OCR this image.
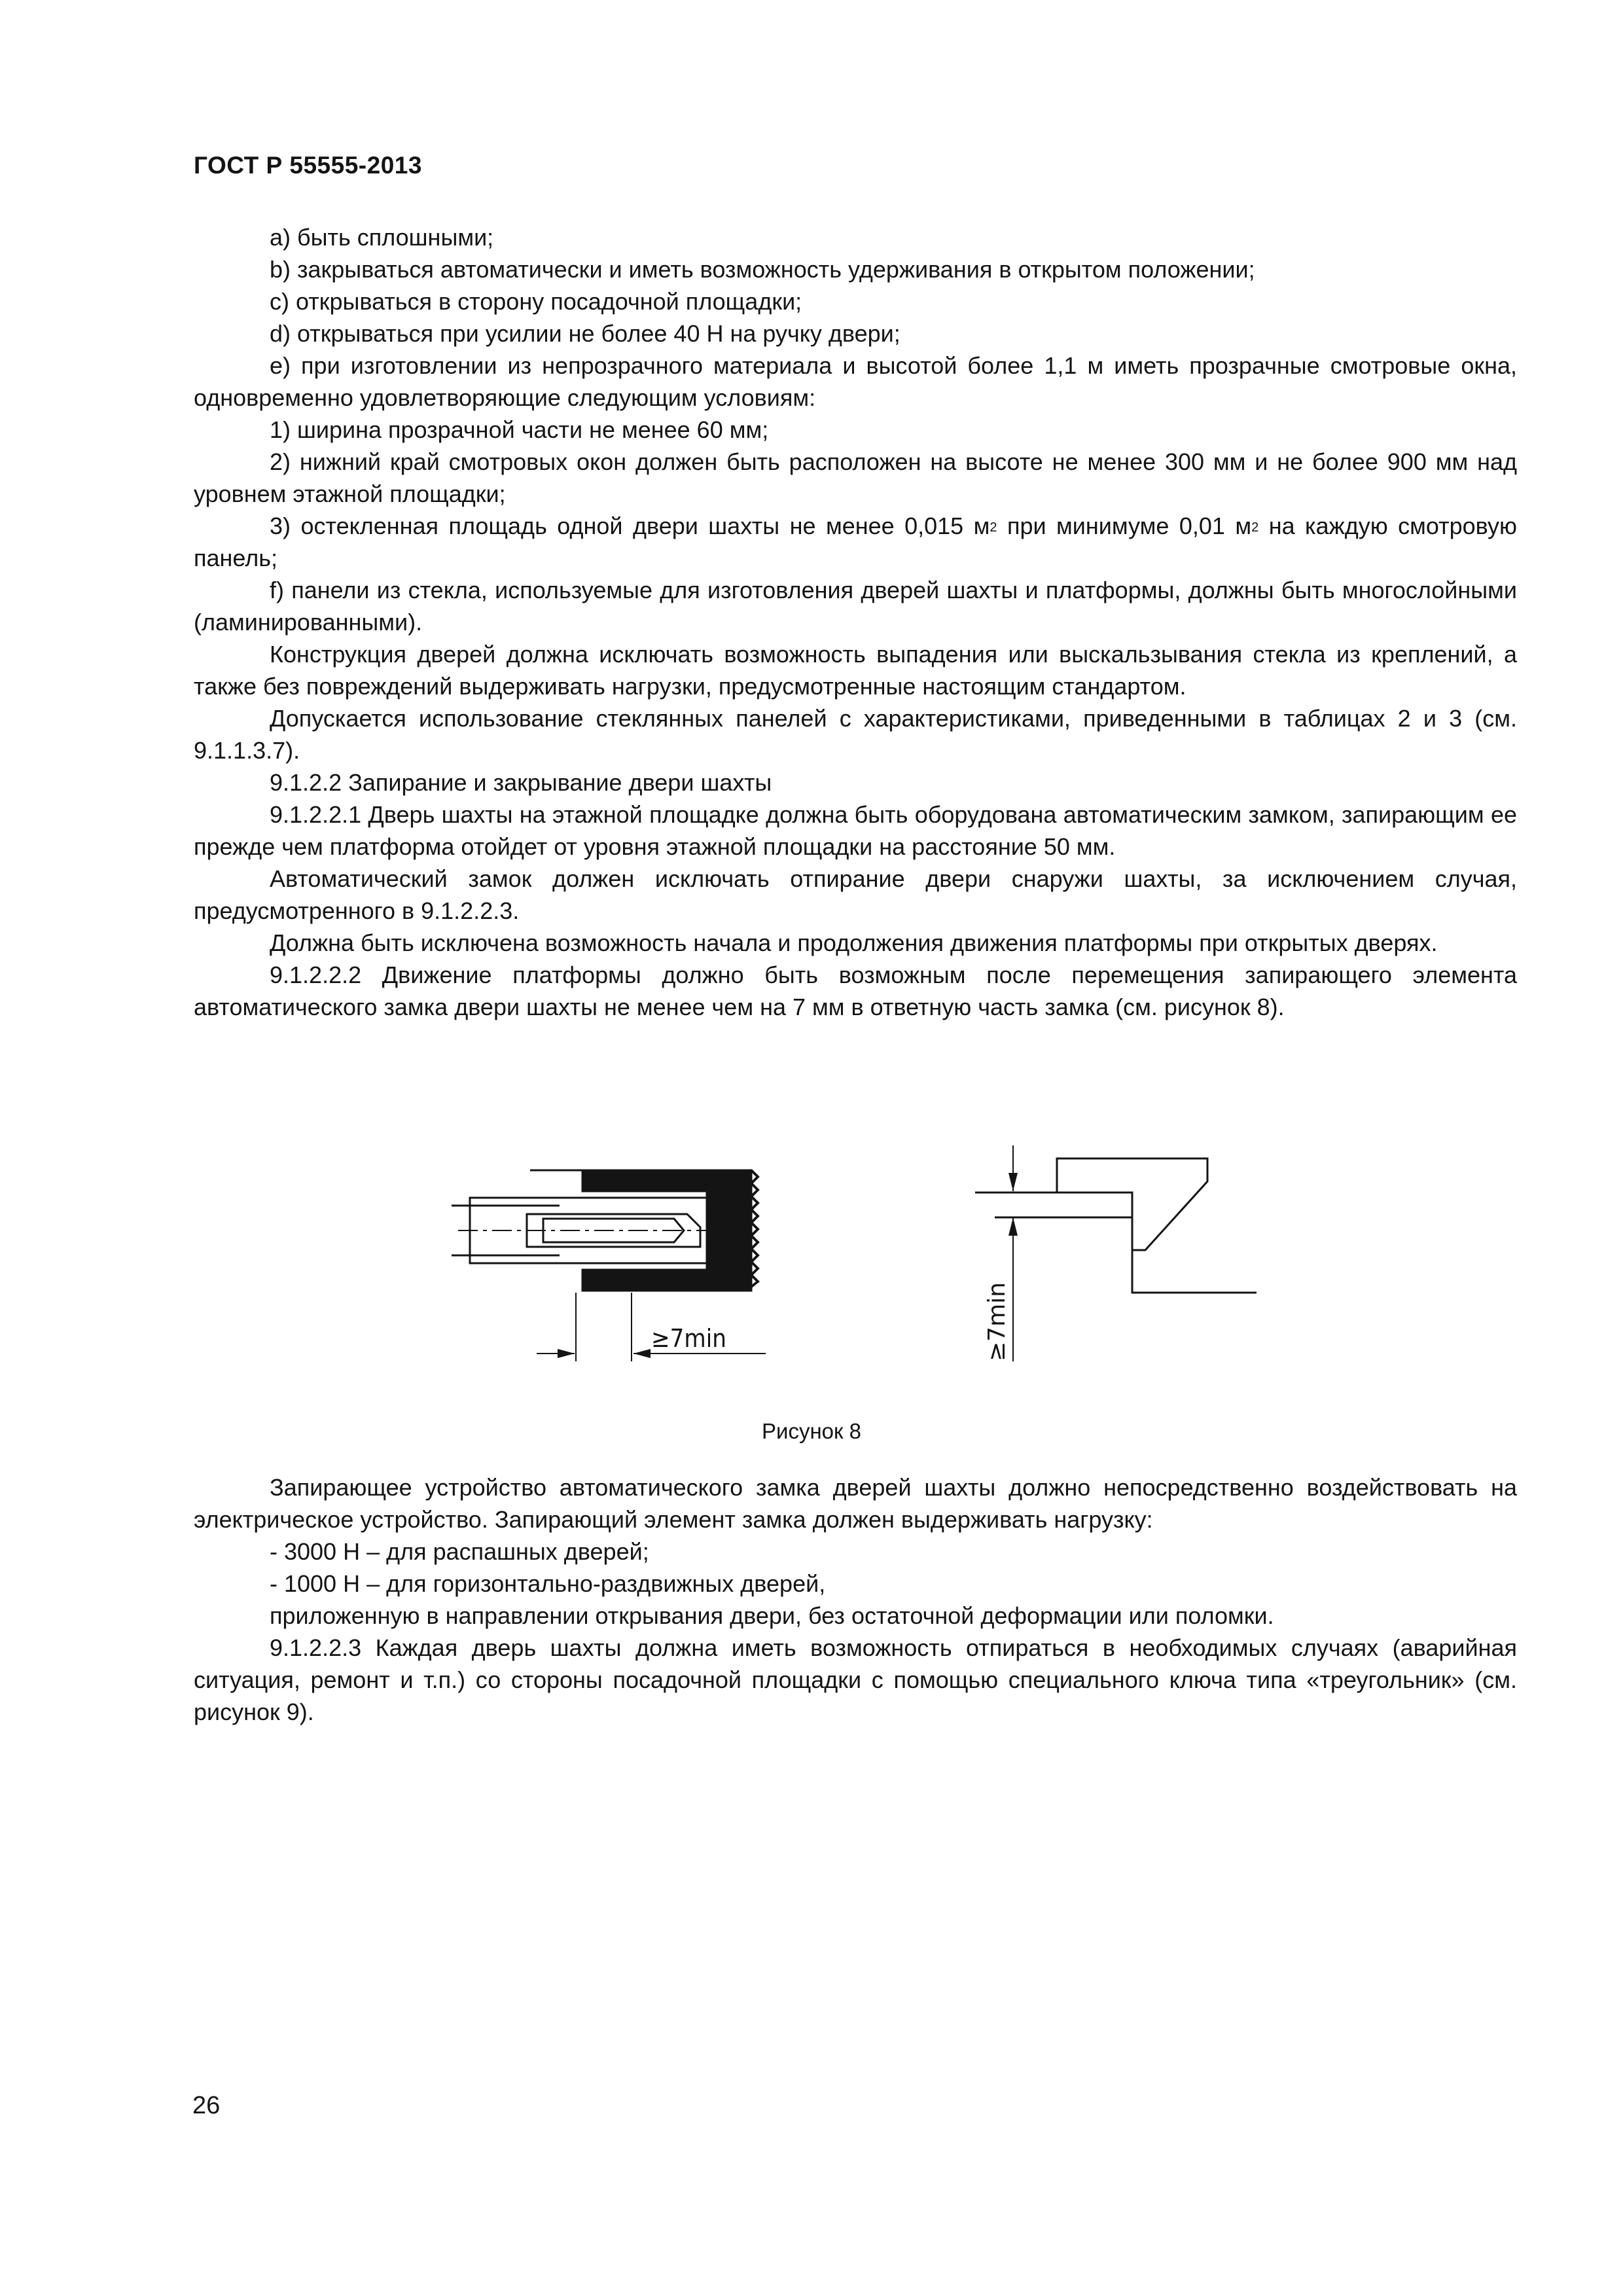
ГОСТ Р 55555-2013

a) быть сплошными;

b) закрываться автоматически и иметь возможность удерживания в открытом положении;

c) открываться в сторону посадочной площадки;

d) открываться при усилии не более 40 Н на ручку двери;

e) при изготовлении из непрозрачного материала и высотой более 1,1 м иметь прозрачные смотровые окна, одновременно удовлетворяющие следующим условиям:

1) ширина прозрачной части не менее 60 мм;

2) нижний край смотровых окон должен быть расположен на высоте не менее 300 мм и не более 900 мм над уровнем этажной площадки;

3) остекленная площадь одной двери шахты не менее 0,015 $м^2$ при минимуме 0,01 $м^2$ на каждую смотровую панель;

f) панели из стекла, используемые для изготовления дверей шахты и платформы, должны быть многослойными (ламинированными).

Конструкция дверей должна исключать возможность выпадения или выскальзывания стекла из креплений, а также без повреждений выдерживать нагрузки, предусмотренные настоящим стандартом.

Допускается использование стеклянных панелей с характеристиками, приведенными в таблицах 2 и 3 (см. 9.1.1.3.7).

9.1.2.2 Запирание и закрывание двери шахты

9.1.2.2.1 Дверь шахты на этажной площадке должна быть оборудована автоматическим замком, запирающим ее прежде чем платформа отойдет от уровня этажной площадки на расстояние 50 мм.

Автоматический замок должен исключать отпирание двери снаружи шахты, за исключением случая, предусмотренного в 9.1.2.2.3.

Должна быть исключена возможность начала и продолжения движения платформы при открытых дверях.

9.1.2.2.2 Движение платформы должно быть возможным после перемещения запирающего элемента автоматического замка двери шахты не менее чем на 7 мм в ответную часть замка (см. рисунок 8).

≥7min	≥7min
Рисунок 8

Запирающее устройство автоматического замка дверей шахты должно непосредственно воздействовать на электрическое устройство. Запирающий элемент замка должен выдерживать нагрузку:

- 3000 Н – для распашных дверей;

- 1000 Н – для горизонтально-раздвижных дверей,

приложенную в направлении открывания двери, без остаточной деформации или поломки.

9.1.2.2.3 Каждая дверь шахты должна иметь возможность отпираться в необходимых случаях (аварийная ситуация, ремонт и т.п.) со стороны посадочной площадки с помощью специального ключа типа «треугольник» (см. рисунок 9).

26
